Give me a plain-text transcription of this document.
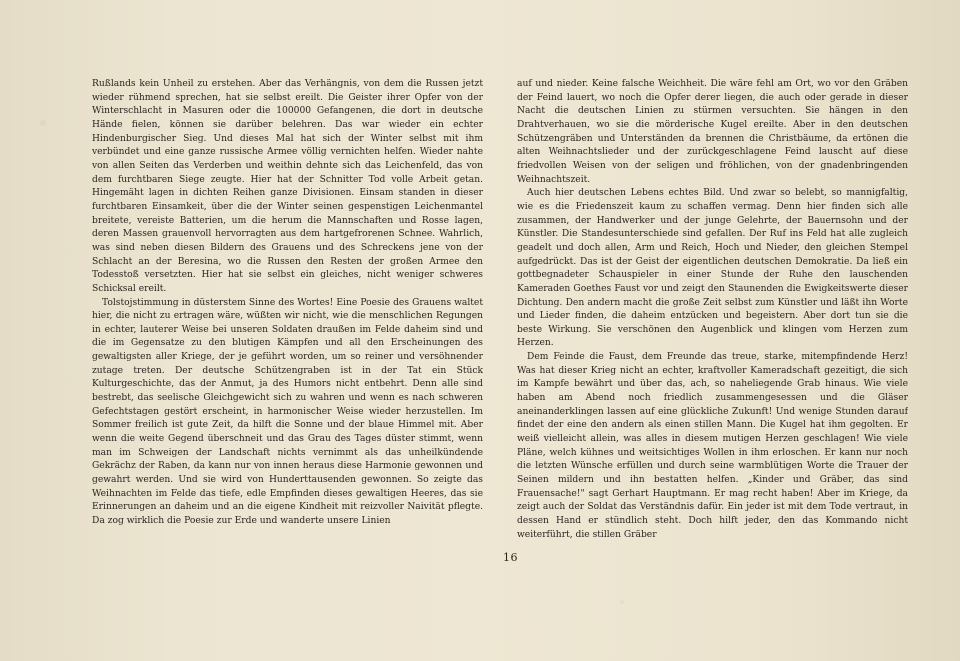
Rußlands kein Unheil zu erstehen. Aber das Verhängnis, von dem die Russen jetzt wieder rühmend sprechen, hat sie selbst ereilt. Die Geister ihrer Opfer von der Winterschlacht in Masuren oder die 100000 Gefangenen, die dort in deutsche Hände fielen, können sie darüber belehren. Das war wieder ein echter Hindenburgischer Sieg. Und dieses Mal hat sich der Winter selbst mit ihm verbündet und eine ganze russische Armee völlig vernichten helfen. Wieder nahte von allen Seiten das Verderben und weithin dehnte sich das Leichenfeld, das von dem furchtbaren Siege zeugte. Hier hat der Schnitter Tod volle Arbeit getan. Hingemäht lagen in dichten Reihen ganze Divisionen. Einsam standen in dieser furchtbaren Einsamkeit, über die der Winter seinen gespenstigen Leichenmantel breitete, vereiste Batterien, um die herum die Mannschaften und Rosse lagen, deren Massen grauenvoll hervorragten aus dem hartgefrorenen Schnee. Wahrlich, was sind neben diesen Bildern des Grauens und des Schreckens jene von der Schlacht an der Beresina, wo die Russen den Resten der großen Armee den Todesstoß versetzten. Hier hat sie selbst ein gleiches, nicht weniger schweres Schicksal ereilt.

Tolstojstimmung in düsterstem Sinne des Wortes! Eine Poesie des Grauens waltet hier, die nicht zu ertragen wäre, wüßten wir nicht, wie die menschlichen Regungen in echter, lauterer Weise bei unseren Soldaten draußen im Felde daheim sind und die im Gegensatze zu den blutigen Kämpfen und all den Erscheinungen des gewaltigsten aller Kriege, der je geführt worden, um so reiner und versöhnender zutage treten. Der deutsche Schützengraben ist in der Tat ein Stück Kulturgeschichte, das der Anmut, ja des Humors nicht entbehrt. Denn alle sind bestrebt, das seelische Gleichgewicht sich zu wahren und wenn es nach schweren Gefechtstagen gestört erscheint, in harmonischer Weise wieder herzustellen. Im Sommer freilich ist gute Zeit, da hilft die Sonne und der blaue Himmel mit. Aber wenn die weite Gegend überschneit und das Grau des Tages düster stimmt, wenn man im Schweigen der Landschaft nichts vernimmt als das unheilkündende Gekrächz der Raben, da kann nur von innen heraus diese Harmonie gewonnen und gewahrt werden. Und sie wird von Hunderttausenden gewonnen. So zeigte das Weihnachten im Felde das tiefe, edle Empfinden dieses gewaltigen Heeres, das sie Erinnerungen an daheim und an die eigene Kindheit mit reizvoller Naivität pflegte. Da zog wirklich die Poesie zur Erde und wanderte unsere Linien

auf und nieder. Keine falsche Weichheit. Die wäre fehl am Ort, wo vor den Gräben der Feind lauert, wo noch die Opfer derer liegen, die auch oder gerade in dieser Nacht die deutschen Linien zu stürmen versuchten. Sie hängen in den Drahtverhauen, wo sie die mörderische Kugel ereilte. Aber in den deutschen Schützengräben und Unterständen da brennen die Christbäume, da ertönen die alten Weihnachtslieder und der zurückgeschlagene Feind lauscht auf diese friedvollen Weisen von der seligen und fröhlichen, von der gnadenbringenden Weihnachtszeit.

Auch hier deutschen Lebens echtes Bild. Und zwar so belebt, so mannigfaltig, wie es die Friedenszeit kaum zu schaffen vermag. Denn hier finden sich alle zusammen, der Handwerker und der junge Gelehrte, der Bauernsohn und der Künstler. Die Standesunterschiede sind gefallen. Der Ruf ins Feld hat alle zugleich geadelt und doch allen, Arm und Reich, Hoch und Nieder, den gleichen Stempel aufgedrückt. Das ist der Geist der eigentlichen deutschen Demokratie. Da ließ ein gottbegnadeter Schauspieler in einer Stunde der Ruhe den lauschenden Kameraden Goethes Faust vor und zeigt den Staunenden die Ewigkeitswerte dieser Dichtung. Den andern macht die große Zeit selbst zum Künstler und läßt ihn Worte und Lieder finden, die daheim entzücken und begeistern. Aber dort tun sie die beste Wirkung. Sie verschönen den Augenblick und klingen vom Herzen zum Herzen.

Dem Feinde die Faust, dem Freunde das treue, starke, mitempfindende Herz! Was hat dieser Krieg nicht an echter, kraftvoller Kameradschaft gezeitigt, die sich im Kampfe bewährt und über das, ach, so naheliegende Grab hinaus. Wie viele haben am Abend noch friedlich zusammengesessen und die Gläser aneinanderklingen lassen auf eine glückliche Zukunft! Und wenige Stunden darauf findet der eine den andern als einen stillen Mann. Die Kugel hat ihm gegolten. Er weiß vielleicht allein, was alles in diesem mutigen Herzen geschlagen! Wie viele Pläne, welch kühnes und weitsichtiges Wollen in ihm erloschen. Er kann nur noch die letzten Wünsche erfüllen und durch seine warmblütigen Worte die Trauer der Seinen mildern und ihn bestatten helfen. „Kinder und Gräber, das sind Frauensache!" sagt Gerhart Hauptmann. Er mag recht haben! Aber im Kriege, da zeigt auch der Soldat das Verständnis dafür. Ein jeder ist mit dem Tode vertraut, in dessen Hand er stündlich steht. Doch hilft jeder, den das Kommando nicht weiterführt, die stillen Gräber

16
